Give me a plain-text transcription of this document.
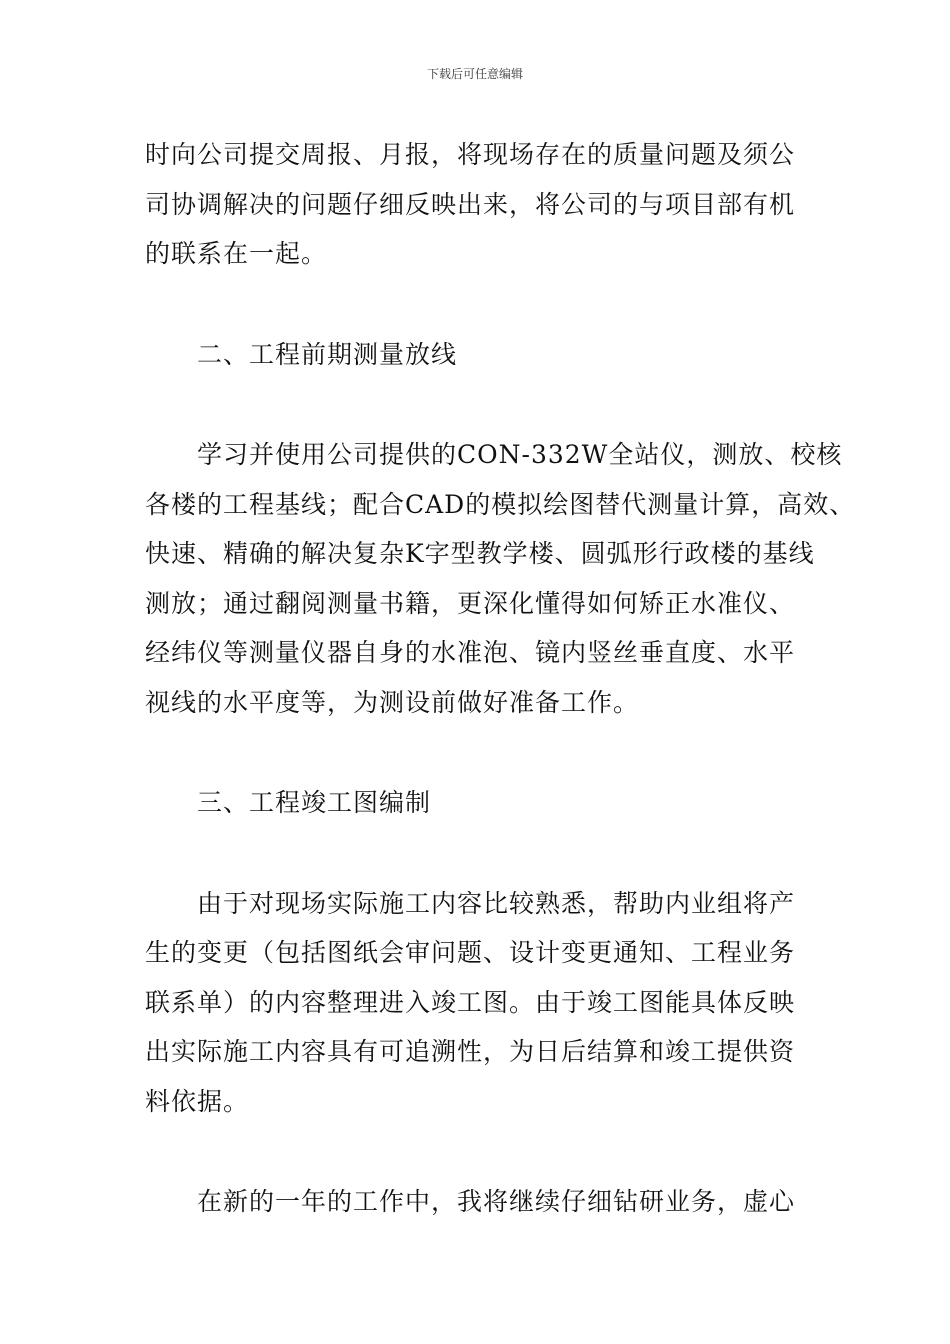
下载后可任意编辑
时向公司提交周报、月报，将现场存在的质量问题及须公
司协调解决的问题仔细反映出来，将公司的与项目部有机
的联系在一起。
二、工程前期测量放线
学习并使用公司提供的CON-332W全站仪，测放、校核
各楼的工程基线；配合CAD的模拟绘图替代测量计算，高效、
快速、精确的解决复杂K字型教学楼、圆弧形行政楼的基线
测放；通过翻阅测量书籍，更深化懂得如何矫正水准仪、
经纬仪等测量仪器自身的水准泡、镜内竖丝垂直度、水平
视线的水平度等，为测设前做好准备工作。
三、工程竣工图编制
由于对现场实际施工内容比较熟悉，帮助内业组将产
生的变更（包括图纸会审问题、设计变更通知、工程业务
联系单）的内容整理进入竣工图。由于竣工图能具体反映
出实际施工内容具有可追溯性，为日后结算和竣工提供资
料依据。
在新的一年的工作中，我将继续仔细钻研业务，虚心
